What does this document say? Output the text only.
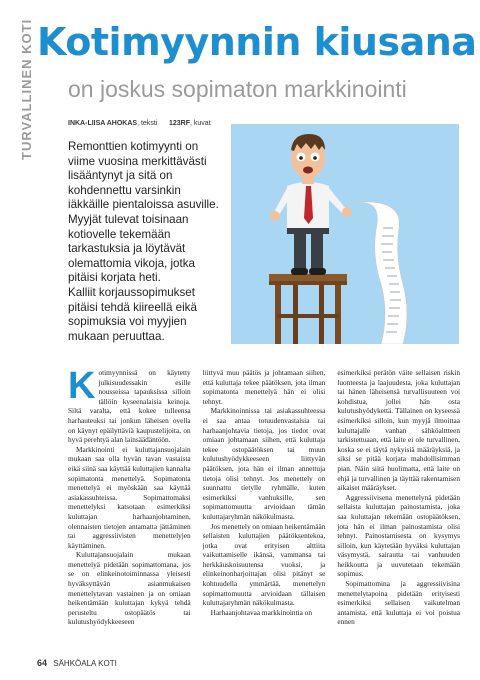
TURVALLINEN KOTI Kotimyynnin kiusana
on joskus sopimaton markkinointi
INKA-LIISA AHOKAS, teksti 123RF, kuvat

Remonttien kotimyynti on viime vuosina merkittävästi lisääntynyt ja sitä on kohdennettu varsinkin iäkkäille pientaloissa asuville.

Myyjät tulevat toisinaan kotiovelle tekemään tarkastuksia ja löytävät olemattomia vikoja, jotka pitäisi korjata heti.

Kalliit korjaussopimukset pitäisi tehdä kiireellä eikä sopimuksia voi myyjien mukaan peruuttaa.

Kotimyynnissä on käytetty julkisuudessakin esille nousseissa tapauksissa silloin tällöin kyseenalaisia keinoja. Siltä varalta, että kokee tulleensa harhauteuksi tai jonkun läheisen ovella on käynyt epäilyttäviä kaupustelijoita, on hyvä perehtyä alan lainsäädäntöön.

Markkinointi ei kuluttajansuojalain mukaan saa olla hyvän tavan vastaista eikä siinä saa käyttää kuluttajien kannalta sopimatonta menettelyä. Sopimatonta menettelyä ei myöskään saa käyttää asiakassuhteissa. Sopimattomaksi menettelyksi katsotaan esimerkiksi kuluttajan harhaanjohtaminen, olennaisten tietojen antamatta jättäminen tai aggressiivisten menettelyjen käyttäminen.

Kuluttajansuojalain mukaan menettelyä pidetään sopimattomana, jos se on elinkeinotoiminnassa yleisesti hyväksyttävän asianmukaisen menettelytavan vastainen ja on omiaan heikentämään kuluttajan kykyä tehdä perusteltu ostopäätös tai kulutushyödykkeeseen

liittyvä muu päätös ja johtamaan siihen, että kuluttaja tekee päätöksen, jota ilman sopimatonta menettelyä hän ei olisi tehnyt.

Markkinoinnissa tai asiakassuhteessa ei saa antaa totuudenvastaisia tai harhaanjohtavia tietoja, jos tiedot ovat omiaan johtamaan siihen, että kuluttaja tekee ostopäätöksen tai muun kulutushyödykkeeseen liittyvän päätöksen, jota hän ei ilman annettuja tietoja olisi tehnyt. Jos menettely on suunnattu tietylle ryhmälle, kuten esimerkiksi vanhuksille, sen sopimattomuutta arvioidaan tämän kuluttajaryhmän näkökulmasta.

Jos menettely on omiaan heikentämään sellaisten kuluttajien päätöksentekoa, jotka ovat erityisen alttiita vaikuttamiselle ikänsä, vammansa tai herkkäuskoisuutensa vuoksi, ja elinkeinonharjoittajan olisi pitänyt se kohtuudella ymmärtää, menettelyn sopimattomuutta arvioidaan tällaisen kuluttajaryhmän näkökulmasta.

Harhaanjohtavaa markkinointia on

esimerkiksi perätön väite sellaisen riskin luonteesta ja laajuudesta, joka kuluttajan tai hänen läheisensä turvallisuuteen voi kohdistua, jollei hän osta kulutushyödykettä. Tällainen on kyseessä esimerkiksi silloin, kun myyjä ilmoittaa kuluttajalle vanhan sähköalttteen tarkistettuaan, että laite ei ole turvallinen, koska se ei täytä nykyisiä määräyksiä, ja siksi se pitää korjata mahdollisimman pian. Näin siitä huolimatta, että laite on ehjä ja turvallinen ja täyttää rakentamisen aikaiset määräykset.

Aggressiivisena menettelynä pidetään sellaista kuluttajan painostamista, joka saa kuluttajan tekemään ostopäätöksen, jota hän ei ilman painostamista olisi tehnyt. Painostamisesta on kysymys silloin, kun käytetään hyväksi kuluttajan väsymystä, sairautta tai vanhuuden heikkoutta ja uuvutetaan tekemään sopimus.

Sopimattomina ja aggressiivisina menettelytapoina pidetään erityisesti esimerkiksi sellaisen vaikutelman antamista, että kuluttaja ei voi poistua ennen

64 SÄHKÖALA KOTI
